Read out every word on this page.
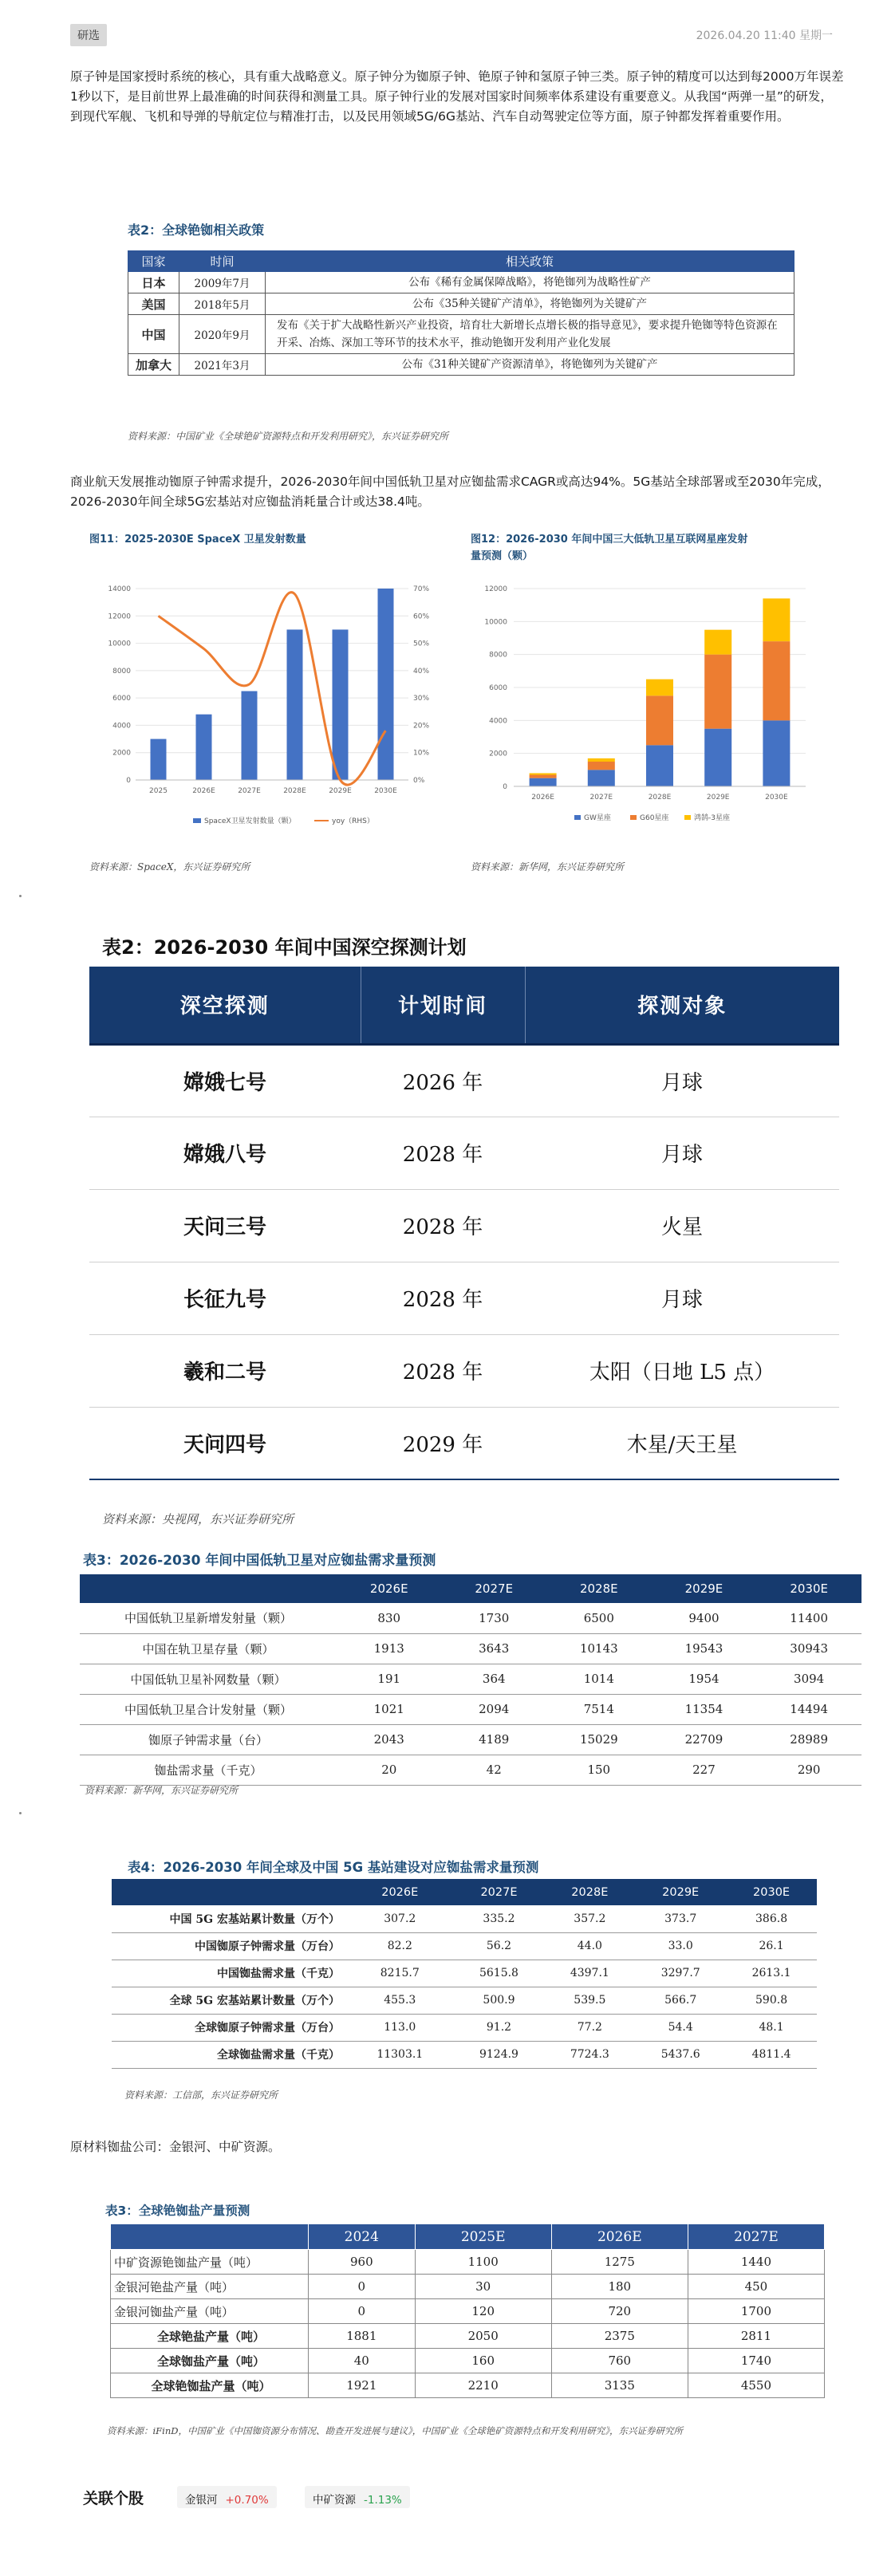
研选	2026.04.20 11:40 星期一

原子钟是国家授时系统的核心，具有重大战略意义。原子钟分为铷原子钟、铯原子钟和氢原子钟三类。原子钟的精度可以达到每2000万年误差1秒以下，是目前世界上最准确的时间获得和测量工具。原子钟行业的发展对国家时间频率体系建设有重要意义。从我国“两弹一星”的研发，到现代军舰、飞机和导弹的导航定位与精准打击，以及民用领域5G/6G基站、汽车自动驾驶定位等方面，原子钟都发挥着重要作用。

表2：全球铯铷相关政策
国家	时间	相关政策
日本	2009年7月	公布《稀有金属保障战略》，将铯铷列为战略性矿产
美国	2018年5月	公布《35种关键矿产清单》，将铯铷列为关键矿产
中国	2020年9月	发布《关于扩大战略性新兴产业投资，培育壮大新增长点增长极的指导意见》，要求提升铯铷等特色资源在开采、冶炼、深加工等环节的技术水平，推动铯铷开发利用产业化发展
加拿大	2021年3月	公布《31种关键矿产资源清单》，将铯铷列为关键矿产
资料来源：中国矿业《全球铯矿资源特点和开发利用研究》，东兴证券研究所

商业航天发展推动铷原子钟需求提升，2026-2030年间中国低轨卫星对应铷盐需求CAGR或高达94%。5G基站全球部署或至2030年完成，2026-2030年间全球5G宏基站对应铷盐消耗量合计或达38.4吨。

图11：2025-2030E SpaceX 卫星发射数量
0
2000
4000
6000
8000
10000
12000
14000
0%
10%
20%
30%
40%
50%
60%
70%
2025	2026E	2027E	2028E	2029E	2030E
SpaceX卫星发射数量（颗）	yoy（RHS）
资料来源：SpaceX，东兴证券研究所
图12：2026-2030 年间中国三大低轨卫星互联网星座发射
量预测（颗）
0
2000
4000
6000
8000
10000
12000
2026E	2027E	2028E	2029E	2030E
GW星座	G60星座	鸿鹄-3星座
资料来源：新华网，东兴证券研究所
表2：2026-2030 年间中国深空探测计划
深空探测	计划时间	探测对象
嫦娥七号	2026 年	月球
嫦娥八号	2028 年	月球
天问三号	2028 年	火星
长征九号	2028 年	月球
羲和二号	2028 年	太阳（日地 L5 点）
天问四号	2029 年	木星/天王星
资料来源：央视网，东兴证券研究所
表3：2026-2030 年间中国低轨卫星对应铷盐需求量预测
	2026E	2027E	2028E	2029E	2030E
中国低轨卫星新增发射量（颗）	830	1730	6500	9400	11400
中国在轨卫星存量（颗）	1913	3643	10143	19543	30943
中国低轨卫星补网数量（颗）	191	364	1014	1954	3094
中国低轨卫星合计发射量（颗）	1021	2094	7514	11354	14494
铷原子钟需求量（台）	2043	4189	15029	22709	28989
铷盐需求量（千克）	20	42	150	227	290
资料来源：新华网，东兴证券研究所
表4：2026-2030 年间全球及中国 5G 基站建设对应铷盐需求量预测
	2026E	2027E	2028E	2029E	2030E
中国 5G 宏基站累计数量（万个）	307.2	335.2	357.2	373.7	386.8
中国铷原子钟需求量（万台）	82.2	56.2	44.0	33.0	26.1
中国铷盐需求量（千克）	8215.7	5615.8	4397.1	3297.7	2613.1
全球 5G 宏基站累计数量（万个）	455.3	500.9	539.5	566.7	590.8
全球铷原子钟需求量（万台）	113.0	91.2	77.2	54.4	48.1
全球铷盐需求量（千克）	11303.1	9124.9	7724.3	5437.6	4811.4
资料来源：工信部，东兴证券研究所

原材料铷盐公司：金银河、中矿资源。

表3：全球铯铷盐产量预测
	2024	2025E	2026E	2027E
中矿资源铯铷盐产量（吨）	960	1100	1275	1440
金银河铯盐产量（吨）	0	30	180	450
金银河铷盐产量（吨）	0	120	720	1700
全球铯盐产量（吨）	1881	2050	2375	2811
全球铷盐产量（吨）	40	160	760	1740
全球铯铷盐产量（吨）	1921	2210	3135	4550
资料来源：iFinD，中国矿业《中国铷资源分布情况、勘查开发进展与建议》，中国矿业《全球铯矿资源特点和开发利用研究》，东兴证券研究所
关联个股	金银河 +0.70%	中矿资源 -1.13%
